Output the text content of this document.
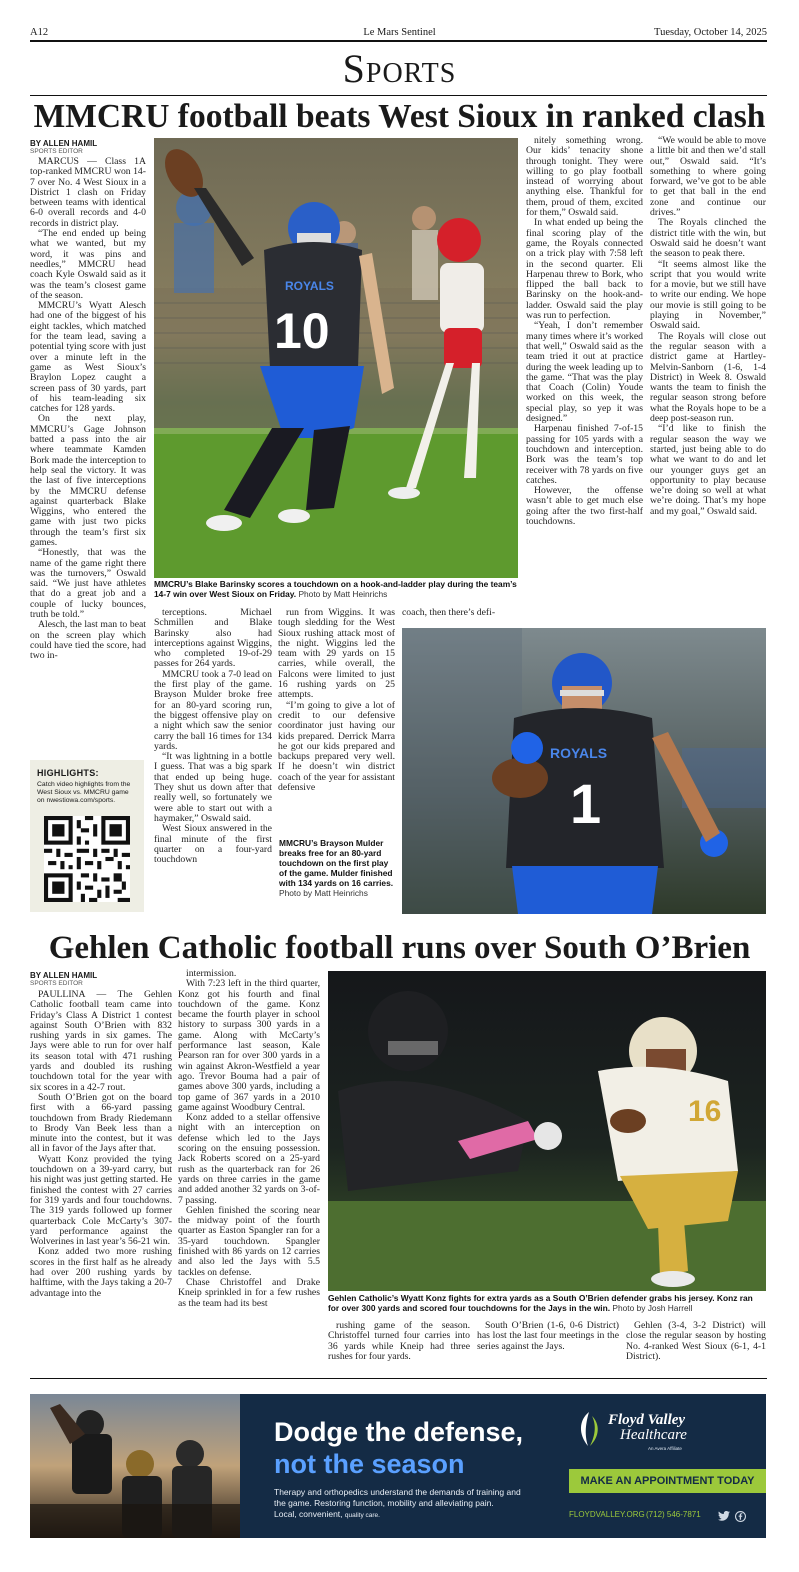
A12	Le Mars Sentinel	Tuesday, October 14, 2025
Sports
MMCRU football beats West Sioux in ranked clash
BY ALLEN HAMIL
SPORTS EDITOR

MARCUS — Class 1A top-ranked MMCRU won 14-7 over No. 4 West Sioux in a District 1 clash on Friday between teams with identical 6-0 overall records and 4-0 records in district play.

“The end ended up being what we wanted, but my word, it was pins and needles,” MMCRU head coach Kyle Oswald said as it was the team’s closest game of the season.

MMCRU’s Wyatt Alesch had one of the biggest of his eight tackles, which matched for the team lead, saving a potential tying score with just over a minute left in the game as West Sioux’s Braylon Lopez caught a screen pass of 30 yards, part of his team-leading six catches for 128 yards.

On the next play, MMCRU’s Gage Johnson batted a pass into the air where teammate Kamden Bork made the interception to help seal the victory. It was the last of five interceptions by the MMCRU defense against quarterback Blake Wiggins, who entered the game with just two picks through the team’s first six games.

“Honestly, that was the name of the game right there was the turnovers,” Oswald said. “We just have athletes that do a great job and a couple of lucky bounces, truth be told.”

Alesch, the last man to beat on the screen play which could have tied the score, had two in-

terceptions. Michael Schmillen and Blake Barinsky also had interceptions against Wiggins, who completed 19-of-29 passes for 264 yards.

MMCRU took a 7-0 lead on the first play of the game. Brayson Mulder broke free for an 80-yard scoring run, the biggest offensive play on a night which saw the senior carry the ball 16 times for 134 yards.

“It was lightning in a bottle I guess. That was a big spark that ended up being huge. They shut us down after that really well, so fortunately we were able to start out with a haymaker,” Oswald said.

West Sioux answered in the final minute of the first quarter on a four-yard touchdown

run from Wiggins. It was tough sledding for the West Sioux rushing attack most of the night. Wiggins led the team with 29 yards on 15 carries, while overall, the Falcons were limited to just 16 rushing yards on 25 attempts.

“I’m going to give a lot of credit to our defensive coordinator just having our kids prepared. Derrick Marra he got our kids prepared and backups prepared very well. If he doesn’t win district coach of the year for assistant defensive

coach, then there’s defi-

nitely something wrong. Our kids’ tenacity shone through tonight. They were willing to go play football instead of worrying about anything else. Thankful for them, proud of them, excited for them,” Oswald said.

In what ended up being the final scoring play of the game, the Royals connected on a trick play with 7:58 left in the second quarter. Eli Harpenau threw to Bork, who flipped the ball back to Barinsky on the hook-and-ladder. Oswald said the play was run to perfection.

“Yeah, I don’t remember many times where it’s worked that well,” Oswald said as the team tried it out at practice during the week leading up to the game. “That was the play that Coach (Colin) Youde worked on this week, the special play, so yep it was designed.”

Harpenau finished 7-of-15 passing for 105 yards with a touchdown and interception. Bork was the team’s top receiver with 78 yards on five catches.

However, the offense wasn’t able to get much else going after the two first-half touchdowns.

“We would be able to move a little bit and then we’d stall out,” Oswald said. “It’s something to where going forward, we’ve got to be able to get that ball in the end zone and continue our drives.”

The Royals clinched the district title with the win, but Oswald said he doesn’t want the season to peak there.

“It seems almost like the script that you would write for a movie, but we still have to write our ending. We hope our movie is still going to be playing in November,” Oswald said.

The Royals will close out the regular season with a district game at Hartley-Melvin-Sanborn (1-6, 1-4 District) in Week 8. Oswald wants the team to finish the regular season strong before what the Royals hope to be a deep post-season run.

“I’d like to finish the regular season the way we started, just being able to do what we want to do and let our younger guys get an opportunity to play because we’re doing so well at what we’re doing. That’s my hope and my goal,” Oswald said.

ROYALS
10
MMCRU’s Blake Barinsky scores a touchdown on a hook-and-ladder play during the team’s 14-7 win over West Sioux on Friday. Photo by Matt Heinrichs
ROYALS
1
MMCRU’s Brayson Mulder breaks free for an 80-yard touchdown on the first play of the game. Mulder finished with 134 yards on 16 carries. Photo by Matt Heinrichs
HIGHLIGHTS:
Catch video highlights from the West Sioux vs. MMCRU game on nwestiowa.com/sports.
Gehlen Catholic football runs over South O’Brien
BY ALLEN HAMIL
SPORTS EDITOR

PAULLINA — The Gehlen Catholic football team came into Friday’s Class A District 1 contest against South O’Brien with 832 rushing yards in six games. The Jays were able to run for over half its season total with 471 rushing yards and doubled its rushing touchdown total for the year with six scores in a 42-7 rout.

South O’Brien got on the board first with a 66-yard passing touchdown from Brady Riedemann to Brody Van Beek less than a minute into the contest, but it was all in favor of the Jays after that.

Wyatt Konz provided the tying touchdown on a 39-yard carry, but his night was just getting started. He finished the contest with 27 carries for 319 yards and four touchdowns. The 319 yards followed up former quarterback Cole McCarty’s 307-yard performance against the Wolverines in last year’s 56-21 win.

Konz added two more rushing scores in the first half as he already had over 200 rushing yards by halftime, with the Jays taking a 20-7 advantage into the

intermission.

With 7:23 left in the third quarter, Konz got his fourth and final touchdown of the game. Konz became the fourth player in school history to surpass 300 yards in a game. Along with McCarty’s performance last season, Kale Pearson ran for over 300 yards in a win against Akron-Westfield a year ago. Trevor Bouma had a pair of games above 300 yards, including a top game of 367 yards in a 2010 game against Woodbury Central.

Konz added to a stellar offensive night with an interception on defense which led to the Jays scoring on the ensuing possession. Jack Roberts scored on a 25-yard rush as the quarterback ran for 26 yards on three carries in the game and added another 32 yards on 3-of-7 passing.

Gehlen finished the scoring near the midway point of the fourth quarter as Easton Spangler ran for a 35-yard touchdown. Spangler finished with 86 yards on 12 carries and also led the Jays with 5.5 tackles on defense.

Chase Christoffel and Drake Kneip sprinkled in for a few rushes as the team had its best

rushing game of the season. Christoffel turned four carries into 36 yards while Kneip had three rushes for four yards.

South O’Brien (1-6, 0-6 District) has lost the last four meetings in the series against the Jays.

Gehlen (3-4, 3-2 District) will close the regular season by hosting No. 4-ranked West Sioux (6-1, 4-1 District).

16
Gehlen Catholic’s Wyatt Konz fights for extra yards as a South O’Brien defender grabs his jersey. Konz ran for over 300 yards and scored four touchdowns for the Jays in the win. Photo by Josh Harrell
Dodge the defense,
not the season
Therapy and orthopedics understand the demands of training and the game. Restoring function, mobility and alleviating pain.
Local, convenient, quality care.
Floyd Valley
Healthcare
An Avera Affiliate
MAKE AN APPOINTMENT TODAY
FLOYDVALLEY.ORG (712) 546-7871
